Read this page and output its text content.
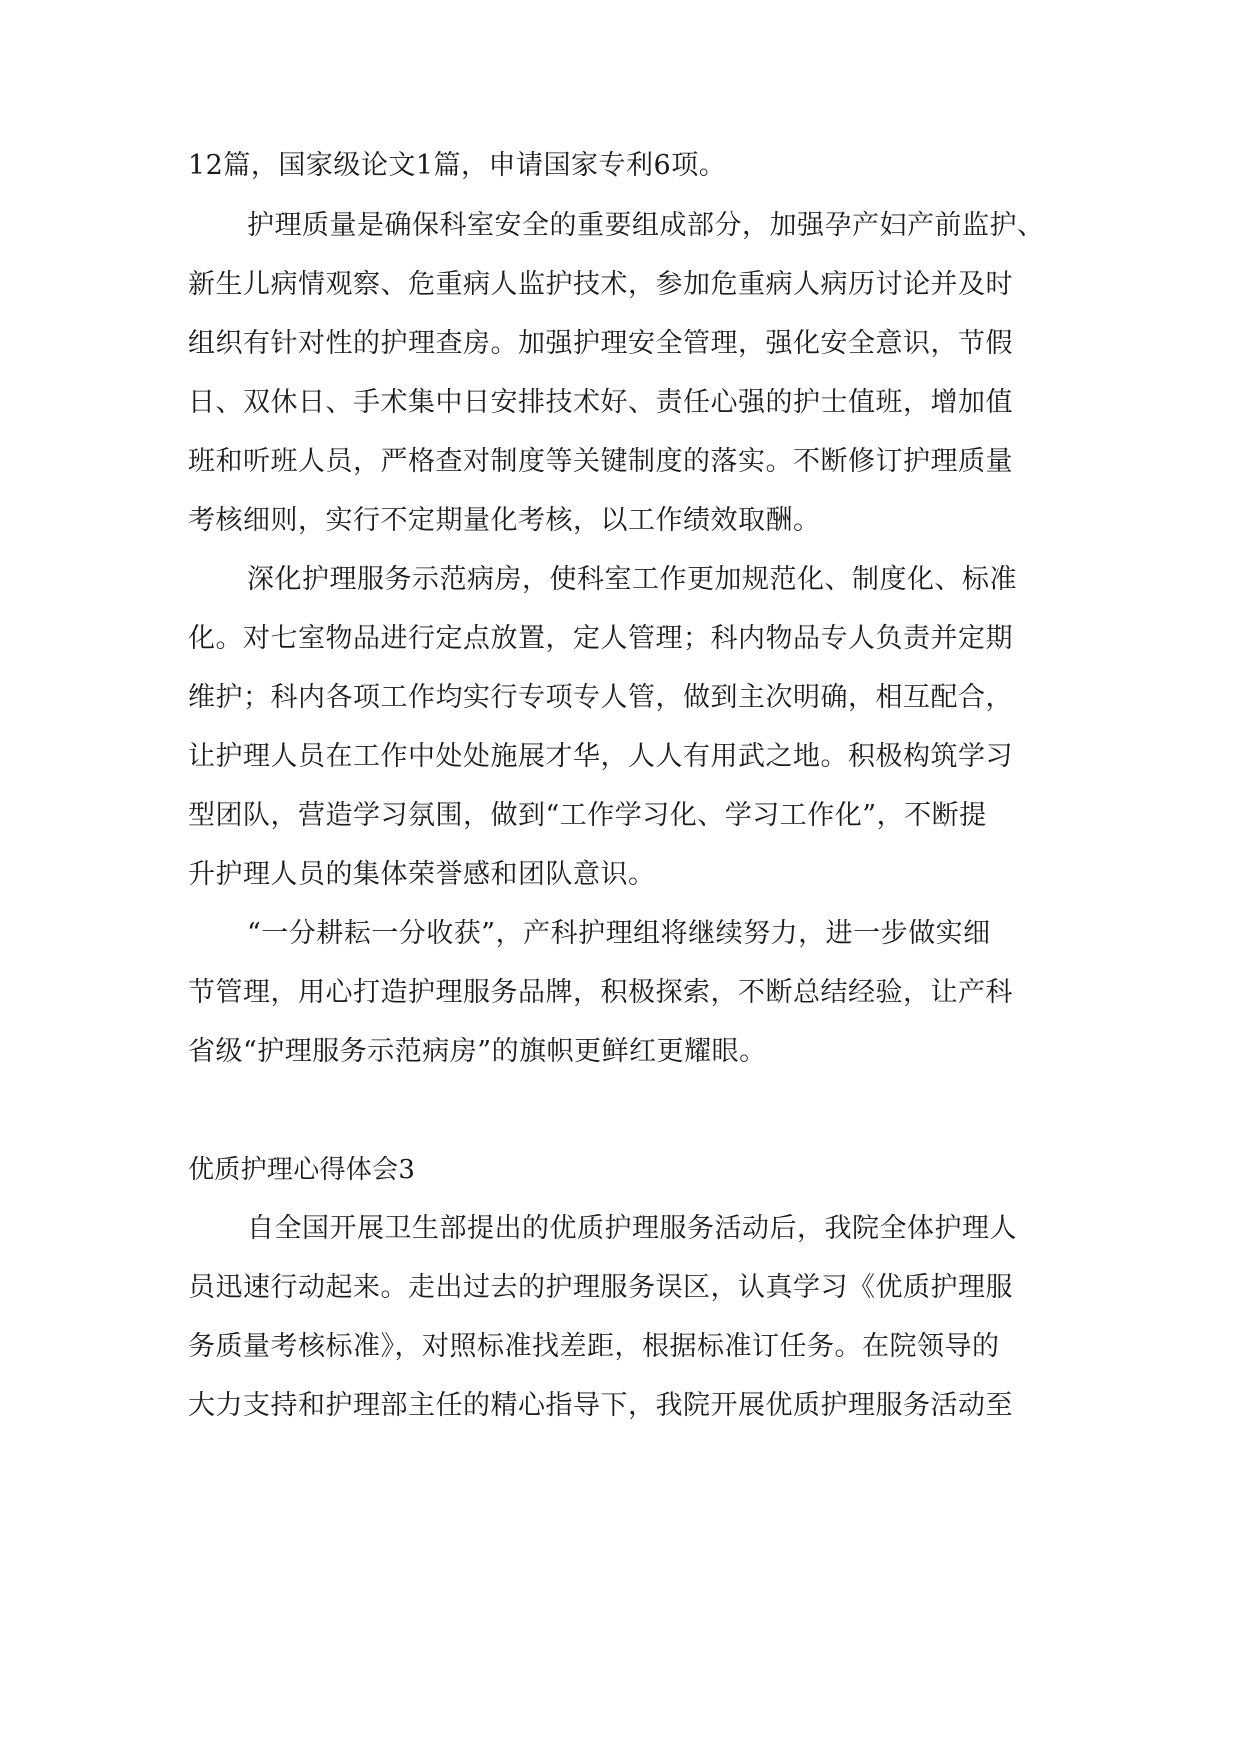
12篇，国家级论文1篇，申请国家专利6项。
护理质量是确保科室安全的重要组成部分，加强孕产妇产前监护、
新生儿病情观察、危重病人监护技术，参加危重病人病历讨论并及时
组织有针对性的护理查房。加强护理安全管理，强化安全意识，节假
日、双休日、手术集中日安排技术好、责任心强的护士值班，增加值
班和听班人员，严格查对制度等关键制度的落实。不断修订护理质量
考核细则，实行不定期量化考核，以工作绩效取酬。
深化护理服务示范病房，使科室工作更加规范化、制度化、标准
化。对七室物品进行定点放置，定人管理；科内物品专人负责并定期
维护；科内各项工作均实行专项专人管，做到主次明确，相互配合，
让护理人员在工作中处处施展才华，人人有用武之地。积极构筑学习
型团队，营造学习氛围，做到“工作学习化、学习工作化”，不断提
升护理人员的集体荣誉感和团队意识。
“一分耕耘一分收获”，产科护理组将继续努力，进一步做实细
节管理，用心打造护理服务品牌，积极探索，不断总结经验，让产科
省级“护理服务示范病房”的旗帜更鲜红更耀眼。
优质护理心得体会3
自全国开展卫生部提出的优质护理服务活动后，我院全体护理人
员迅速行动起来。走出过去的护理服务误区，认真学习《优质护理服
务质量考核标准》，对照标准找差距，根据标准订任务。在院领导的
大力支持和护理部主任的精心指导下，我院开展优质护理服务活动至
